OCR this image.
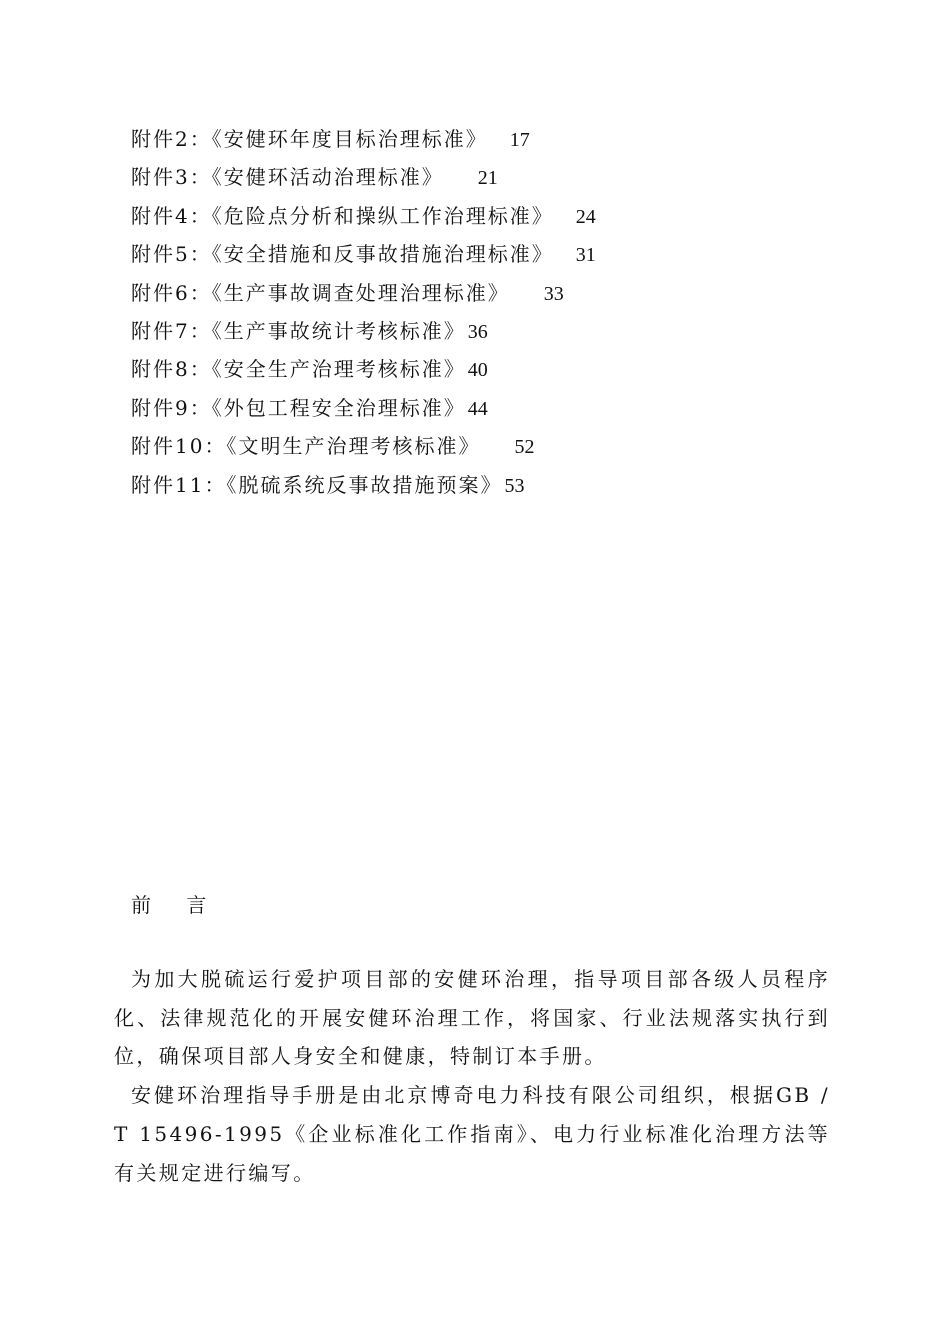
附件2：《安健环年度目标治理标准》 17
附件3：《安健环活动治理标准》 21
附件4：《危险点分析和操纵工作治理标准》 24
附件5：《安全措施和反事故措施治理标准》 31
附件6：《生产事故调查处理治理标准》 33
附件7：《生产事故统计考核标准》 36
附件8：《安全生产治理考核标准》 40
附件9：《外包工程安全治理标准》 44
附件10：《文明生产治理考核标准》 52
附件11：《脱硫系统反事故措施预案》 53
前    言

为加大脱硫运行爱护项目部的安健环治理，指导项目部各级人员程序化、法律规范化的开展安健环治理工作，将国家、行业法规落实执行到位，确保项目部人身安全和健康，特制订本手册。

安健环治理指导手册是由北京博奇电力科技有限公司组织，根据GB / T 15496-1995《企业标准化工作指南》、电力行业标准化治理方法等有关规定进行编写。
